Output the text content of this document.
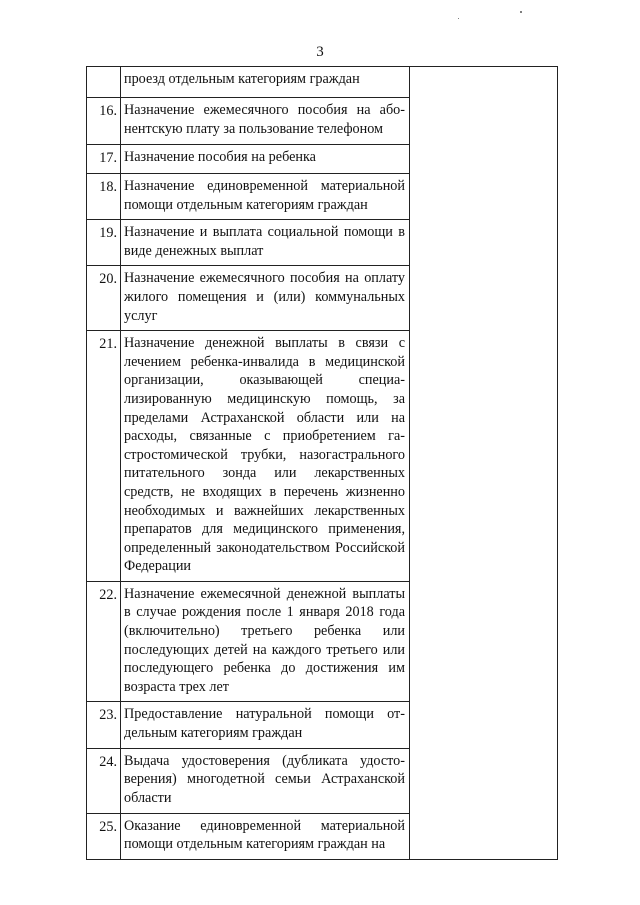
3
	проезд отдельным категориям граждан
16.	Назначение ежемесячного пособия на абонентскую плату за пользование телефоном
17.	Назначение пособия на ребенка
18.	Назначение единовременной материальной помощи отдельным категориям граждан
19.	Назначение и выплата социальной помощи в виде денежных выплат
20.	Назначение ежемесячного пособия на оплату жилого помещения и (или) коммунальных услуг
21.	Назначение денежной выплаты в связи с лечением ребенка-инвалида в медицинской организации, оказывающей специализированную медицинскую помощь, за пределами Астраханской области или на расходы, связанные с приобретением гастростомической трубки, назогастрального питательного зонда или лекарственных средств, не входящих в перечень жизненно необходимых и важнейших лекарственных препаратов для медицинского применения, определенный законодательством Российской Федерации
22.	Назначение ежемесячной денежной выплаты в случае рождения после 1 января 2018 года (включительно) третьего ребенка или последующих детей на каждого третьего или последующего ребенка до достижения им возраста трех лет
23.	Предоставление натуральной помощи отдельным категориям граждан
24.	Выдача удостоверения (дубликата удостоверения) многодетной семьи Астраханской области
25.	Оказание единовременной материальной помощи отдельным категориям граждан на
